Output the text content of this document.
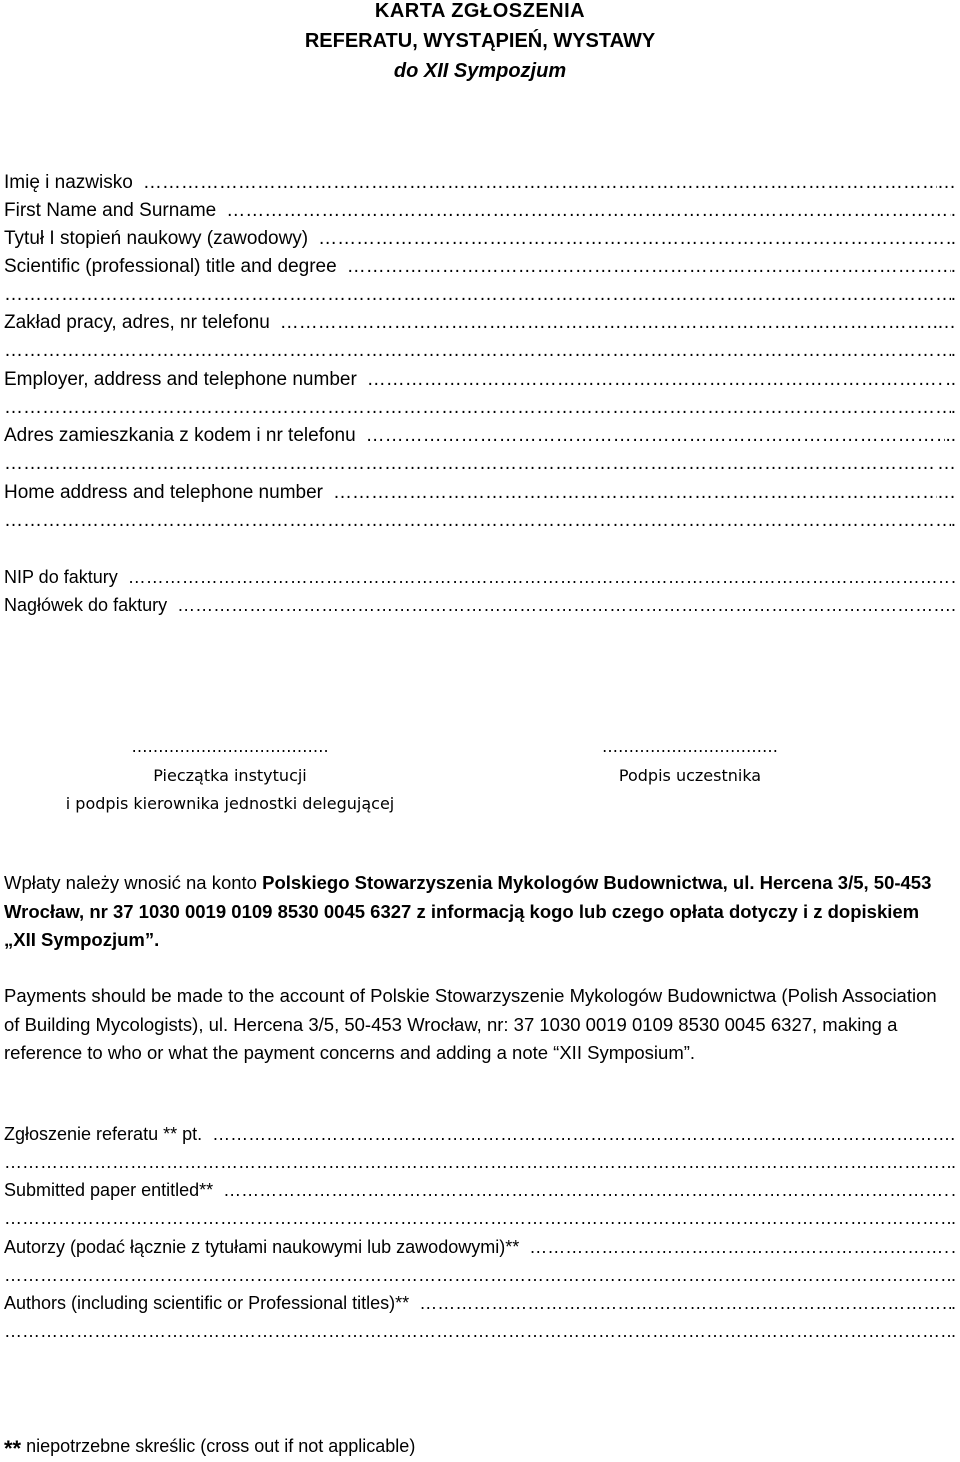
KARTA ZGŁOSZENIA
REFERATU, WYSTĄPIEŃ, WYSTAWY
do XII Sympozjum
Imię i nazwisko ……………………………………………………………………………………………………………………………………………………………………	…
First Name and Surname ……………………………………………………………………………………………………………………………………………………………………	.
Tytuł I stopień naukowy (zawodowy) ……………………………………………………………………………………………………………………………………………………………………	.
Scientific (professional) title and degree ……………………………………………………………………………………………………………………………………………………………………	.
……………………………………………………………………………………………………………………………………………………………………
.
Zakład pracy, adres, nr telefonu ……………………………………………………………………………………………………………………………………………………………………	…
……………………………………………………………………………………………………………………………………………………………………
.
Employer, address and telephone number ……………………………………………………………………………………………………………………………………………………………………	..
……………………………………………………………………………………………………………………………………………………………………
.
Adres zamieszkania z kodem i nr telefonu ……………………………………………………………………………………………………………………………………………………………………	..
……………………………………………………………………………………………………………………………………………………………………
…
Home address and telephone number ……………………………………………………………………………………………………………………………………………………………………	…
……………………………………………………………………………………………………………………………………………………………………
.
NIP do faktury ……………………………………………………………………………………………………………………………………………………………………	.
Nagłówek do faktury ……………………………………………………………………………………………………………………………………………………………………	.
……………………………….
Pieczątka instytucji
i podpis kierownika jednostki delegującej
……………………………
Podpis uczestnika
Wpłaty należy wnosić na konto Polskiego Stowarzyszenia Mykologów Budownictwa, ul. Hercena 3/5, 50-453 Wrocław, nr 37 1030 0019 0109 8530 0045 6327 z informacją kogo lub czego opłata dotyczy i z dopiskiem „XII Sympozjum”.
Payments should be made to the account of Polskie Stowarzyszenie Mykologów Budownictwa (Polish Association of Building Mycologists), ul. Hercena 3/5, 50-453 Wrocław, nr: 37 1030 0019 0109 8530 0045 6327, making a reference to who or what the payment concerns and adding a note “XII Symposium”.
Zgłoszenie referatu ** pt. ……………………………………………………………………………………………………………………………………………………………………	…
……………………………………………………………………………………………………………………………………………………………………
.
Submitted paper entitled** ……………………………………………………………………………………………………………………………………………………………………	.
……………………………………………………………………………………………………………………………………………………………………
.
Autorzy (podać łącznie z tytułami naukowymi lub zawodowymi)** ……………………………………………………………………………………………………………………………………………………………………	.
……………………………………………………………………………………………………………………………………………………………………
.
Authors (including scientific or Professional titles)** ……………………………………………………………………………………………………………………………………………………………………	.
……………………………………………………………………………………………………………………………………………………………………
.
** niepotrzebne skreślic (cross out if not applicable)
